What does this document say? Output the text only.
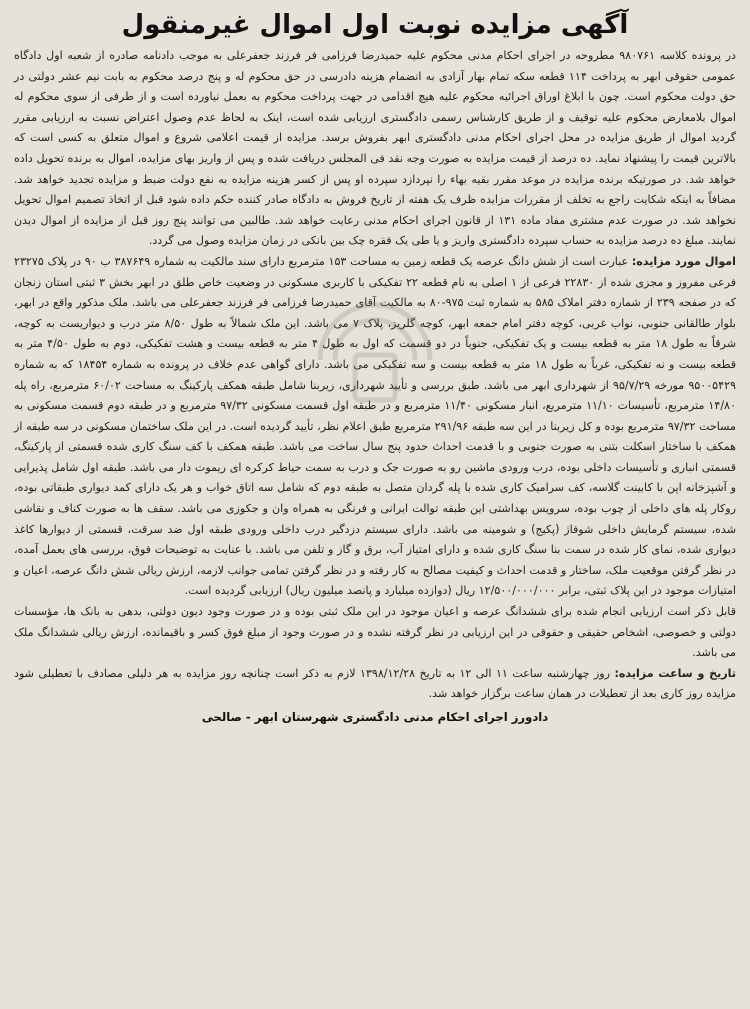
آگهی مزایده نوبت اول اموال غیرمنقول

در پرونده کلاسه ۹۸۰۷۶۱ مطروحه در اجرای احکام مدنی محکوم علیه حمیدرضا فرزامی فر فرزند جعفرعلی به موجب دادنامه صادره از شعبه اول دادگاه عمومی حقوقی ابهر به پرداخت ۱۱۴ قطعه سکه تمام بهار آزادی به انضمام هزینه دادرسی در حق محکوم له و پنج درصد محکوم به بابت نیم عشر دولتی در حق دولت محکوم است. چون با ابلاغ اوراق اجرائیه محکوم علیه هیچ اقدامی در جهت پرداخت محکوم به بعمل نیاورده است و از طرفی از سوی محکوم له اموال بلامعارض محکوم علیه توقیف و از طریق کارشناس رسمی دادگستری ارزیابی شده است، اینک به لحاظ عدم وصول اعتراض نسبت به ارزیابی مقرر گردید اموال از طریق مزایده در محل اجرای احکام مدنی دادگستری ابهر بفروش برسد. مزایده از قیمت اعلامی شروع و اموال متعلق به کسی است که بالاترین قیمت را پیشنهاد نماید. ده درصد از قیمت مزایده به صورت وجه نقد فی المجلس دریافت شده و پس از واریز بهای مزایده، اموال به برنده تحویل داده خواهد شد. در صورتیکه برنده مزایده در موعد مقرر بقیه بهاء را نپردازد سپرده او پس از کسر هزینه مزایده به نفع دولت ضبط و مزایده تجدید خواهد شد. مضافاً به اینکه شکایت راجع به تخلف از مقررات مزایده ظرف یک هفته از تاریخ فروش به دادگاه صادر کننده حکم داده شود قبل از اتخاذ تصمیم اموال تحویل نخواهد شد. در صورت عدم مشتری مفاد ماده ۱۳۱ از قانون اجرای احکام مدنی رعایت خواهد شد. طالبین می توانند پنج روز قبل از مزایده از اموال دیدن نمایند. مبلغ ده درصد مزایده به حساب سپرده دادگستری واریز و یا طی یک فقره چک بین بانکی در زمان مزایده وصول می گردد.

اموال مورد مزایده: عبارت است از شش دانگ عرصه یک قطعه زمین به مساحت ۱۵۳ مترمربع دارای سند مالکیت به شماره ۳۸۷۶۴۹ ب ۹۰ در پلاک ۲۳۲۷۵ فرعی مفروز و مجزی شده از ۲۲۸۳۰ فرعی از ۱ اصلی به نام قطعه ۲۲ تفکیکی با کاربری مسکونی در وضعیت خاص طلق در ابهر بخش ۳ ثبتی استان زنجان که در صفحه ۲۳۹ از شماره دفتر املاک ۵۸۵ به شماره ثبت ۹۷۵-۸۰ به مالکیت آقای حمیدرضا فرزامی فر فرزند جعفرعلی می باشد. ملک مذکور واقع در ابهر، بلوار طالقانی جنوبی، نواب غربی، کوچه دفتر امام جمعه ابهر، کوچه گلریز، پلاک ۷ می باشد. این ملک شمالاً به طول ۸/۵۰ متر درب و دیواریست به کوچه، شرقاً به طول ۱۸ متر به قطعه بیست و یک تفکیکی، جنوباً در دو قسمت که اول به طول ۴ متر به قطعه بیست و هشت تفکیکی، دوم به طول ۴/۵۰ متر به قطعه بیست و نه تفکیکی، غرباً به طول ۱۸ متر به قطعه بیست و سه تفکیکی می باشد. دارای گواهی عدم خلاف در پرونده به شماره ۱۸۴۵۴ که به شماره ۹۵۰۰۵۴۲۹ مورخه ۹۵/۷/۲۹ از شهرداری ابهر می باشد. طبق بررسی و تأیید شهرداری، زیربنا شامل طبقه همکف پارکینگ به مساحت ۶۰/۰۲ مترمربع، راه پله ۱۴/۸۰ مترمربع، تأسیسات ۱۱/۱۰ مترمربع، انبار مسکونی ۱۱/۴۰ مترمربع و در طبقه اول قسمت مسکونی ۹۷/۳۲ مترمربع و در طبقه دوم قسمت مسکونی به مساحت ۹۷/۳۲ مترمربع بوده و کل زیربنا در این سه طبقه ۲۹۱/۹۶ مترمربع طبق اعلام نظر، تأیید گردیده است. در این ملک ساختمان مسکونی در سه طبقه از همکف با ساختار اسکلت بتنی به صورت جنوبی و با قدمت احداث حدود پنج سال ساخت می باشد. طبقه همکف با کف سنگ کاری شده قسمتی از پارکینگ، قسمتی انباری و تأسیسات داخلی بوده، درب ورودی ماشین رو به صورت جک و درب به سمت حیاط کرکره ای ریموت دار می باشد. طبقه اول شامل پذیرایی و آشپزخانه اپن با کابینت گلاسه، کف سرامیک کاری شده با پله گردان متصل به طبقه دوم که شامل سه اتاق خواب و هر یک دارای کمد دیواری طبقاتی بوده، روکار پله های داخلی از چوب بوده، سرویس بهداشتی این طبقه توالت ایرانی و فرنگی به همراه وان و جکوزی می باشد. سقف ها به صورت کناف و نقاشی شده، سیستم گرمایش داخلی شوفاژ (پکیج) و شومینه می باشد. دارای سیستم دزدگیر درب داخلی ورودی طبقه اول ضد سرقت، قسمتی از دیوارها کاغذ دیواری شده، نمای کار شده در سمت بنا سنگ کاری شده و دارای امتیاز آب، برق و گاز و تلفن می باشد. با عنایت به توضیحات فوق، بررسی های بعمل آمده، در نظر گرفتن موقعیت ملک، ساختار و قدمت احداث و کیفیت مصالح به کار رفته و در نظر گرفتن تمامی جوانب لازمه، ارزش ریالی شش دانگ عرصه، اعیان و امتیازات موجود در این پلاک ثبتی، برابر ۱۲/۵۰۰/۰۰۰/۰۰۰ ریال (دوازده میلیارد و پانصد میلیون ریال) ارزیابی گردیده است.

قابل ذکر است ارزیابی انجام شده برای ششدانگ عرصه و اعیان موجود در این ملک ثبتی بوده و در صورت وجود دیون دولتی، بدهی به بانک ها، مؤسسات دولتی و خصوصی، اشخاص حقیقی و حقوقی در این ارزیابی در نظر گرفته نشده و در صورت وجود از مبلغ فوق کسر و باقیمانده، ارزش ریالی ششدانگ ملک می باشد.

تاریخ و ساعت مزایده: روز چهارشنبه ساعت ۱۱ الی ۱۲ به تاریخ ۱۳۹۸/۱۲/۲۸ لازم به ذکر است چنانچه روز مزایده به هر دلیلی مصادف با تعطیلی شود مزایده روز کاری بعد از تعطیلات در همان ساعت برگزار خواهد شد.

دادورز اجرای احکام مدنی دادگستری شهرستان ابهر - صالحی
